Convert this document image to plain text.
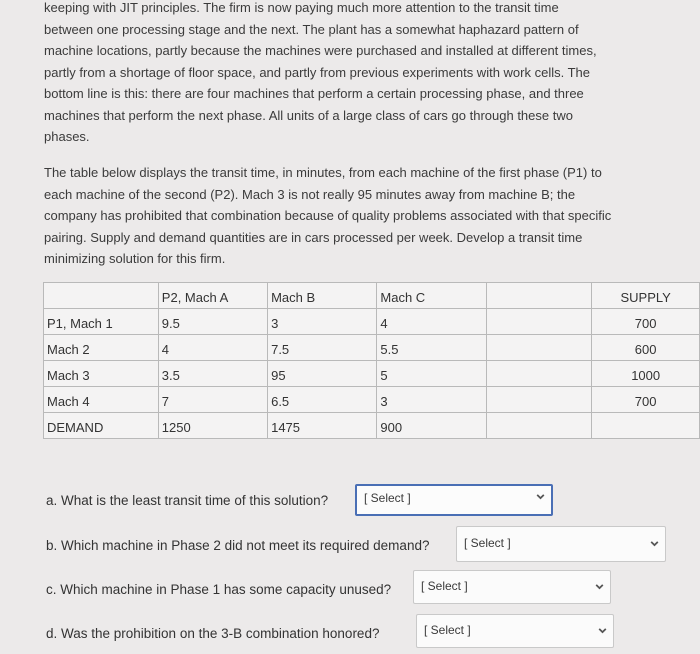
keeping with JIT principles. The firm is now paying much more attention to the transit time
between one processing stage and the next. The plant has a somewhat haphazard pattern of
machine locations, partly because the machines were purchased and installed at different times,
partly from a shortage of floor space, and partly from previous experiments with work cells. The
bottom line is this: there are four machines that perform a certain processing phase, and three
machines that perform the next phase. All units of a large class of cars go through these two
phases.
The table below displays the transit time, in minutes, from each machine of the first phase (P1) to
each machine of the second (P2). Mach 3 is not really 95 minutes away from machine B; the
company has prohibited that combination because of quality problems associated with that specific
pairing. Supply and demand quantities are in cars processed per week. Develop a transit time
minimizing solution for this firm.
	P2, Mach A	Mach B	Mach C		SUPPLY
P1, Mach 1	9.5	3	4		700
Mach 2	4	7.5	5.5		600
Mach 3	3.5	95	5		1000
Mach 4	7	6.5	3		700
DEMAND	1250	1475	900		
a. What is the least transit time of this solution?	[ Select ]
b. Which machine in Phase 2 did not meet its required demand?	[ Select ]
c. Which machine in Phase 1 has some capacity unused? [ Select ]
d. Was the prohibition on the 3-B combination honored?	[ Select ]
